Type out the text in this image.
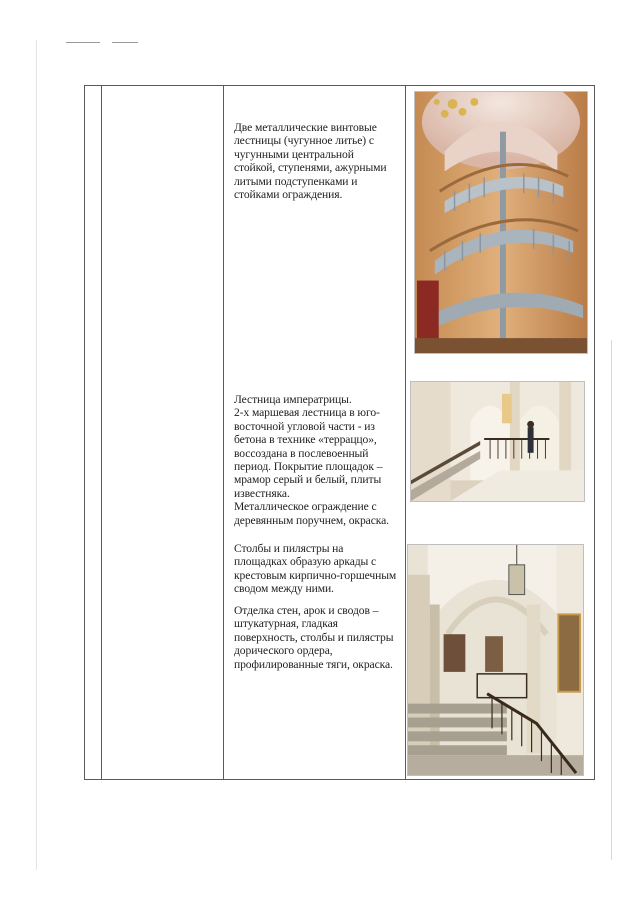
Две металлические винтовые
лестницы (чугунное литье) с
чугунными центральной
стойкой, ступенями, ажурными
литыми подступенками и
стойками ограждения.
Лестница императрицы.
2-х маршевая лестница в юго-
восточной угловой части - из
бетона в технике «терраццо»,
воссоздана в послевоенный
период. Покрытие площадок –
мрамор серый и белый, плиты
известняка.
Металлическое ограждение с
деревянным поручнем, окраска.
Столбы и пилястры на
площадках образую аркады с
крестовым кирпично-горшечным
сводом между ними.
Отделка стен, арок и сводов –
штукатурная, гладкая
поверхность, столбы и пилястры
дорического ордера,
профилированные тяги, окраска.
